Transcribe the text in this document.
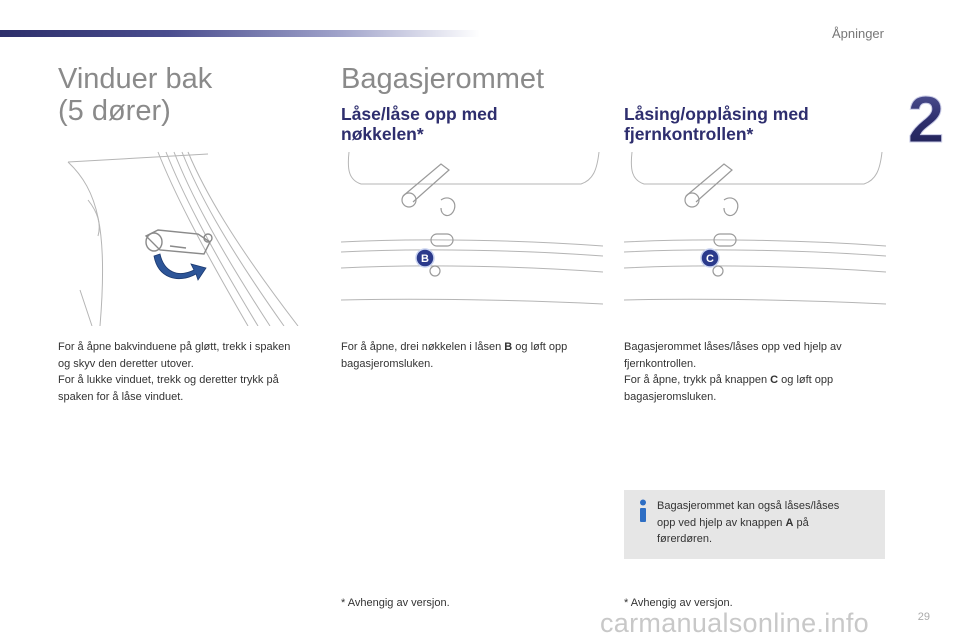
Åpninger
2
29
Vinduer bak
(5 dører)
For å åpne bakvinduene på gløtt, trekk i spaken
og skyv den deretter utover.
For å lukke vinduet, trekk og deretter trykk på
spaken for å låse vinduet.
Bagasjerommet
Låse/låse opp med
nøkkelen*
B
For å åpne, drei nøkkelen i låsen B og løft opp
bagasjeromsluken.
* Avhengig av versjon.
Låsing/opplåsing med
fjernkontrollen*
C
Bagasjerommet låses/låses opp ved hjelp av
fjernkontrollen.
For å åpne, trykk på knappen C og løft opp
bagasjeromsluken.
Bagasjerommet kan også låses/låses
opp ved hjelp av knappen A på
førerdøren.
* Avhengig av versjon.
carmanualsonline.info
